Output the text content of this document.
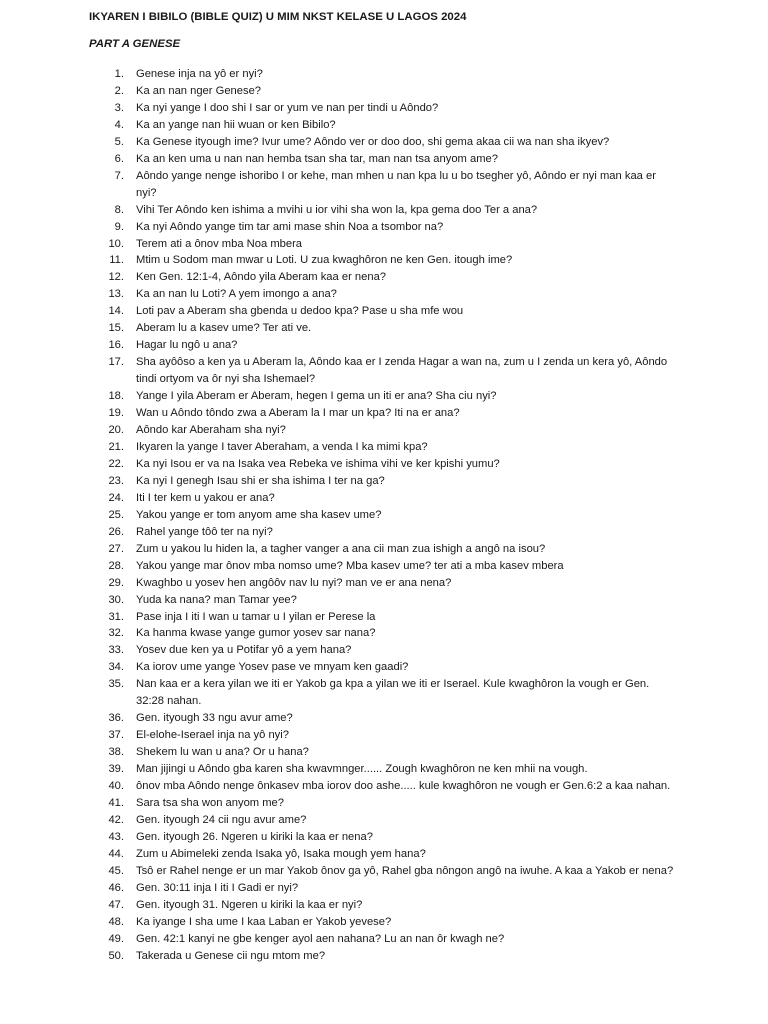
IKYAREN I BIBILO (BIBLE QUIZ) U MIM NKST KELASE U LAGOS 2024
PART A GENESE
1. Genese inja na yô er nyi?
2. Ka an nan nger Genese?
3. Ka nyi yange I doo shi I sar or yum ve nan per tindi u Aôndo?
4. Ka an yange nan hii wuan or ken Bibilo?
5. Ka Genese ityough ime? Ivur ume? Aôndo ver or doo doo, shi gema akaa cii wa nan sha ikyev?
6. Ka an ken uma u nan nan hemba tsan sha tar, man nan tsa anyom ame?
7. Aôndo yange nenge ishoribo I or kehe, man mhen u nan kpa lu u bo tsegher yô, Aôndo er nyi man kaa er nyi?
8. Vihi Ter Aôndo ken ishima a mvihi u ior vihi sha won la, kpa gema doo Ter a ana?
9. Ka nyi Aôndo yange tim tar ami mase shin Noa a tsombor na?
10. Terem ati a ônov mba Noa mbera
11. Mtim u Sodom man mwar u Loti. U zua kwaghôron ne ken Gen. itough ime?
12. Ken Gen. 12:1-4, Aôndo yila Aberam kaa er nena?
13. Ka an nan lu Loti? A yem imongo a ana?
14. Loti pav a Aberam sha gbenda u dedoo kpa? Pase u sha mfe wou
15. Aberam lu a kasev ume? Ter ati ve.
16. Hagar lu ngô u ana?
17. Sha ayôôso a ken ya u Aberam la, Aôndo kaa er I zenda Hagar a wan na, zum u I zenda un kera yô, Aôndo tindi ortyom va ôr nyi sha Ishemael?
18. Yange I yila Aberam er Aberam, hegen I gema un iti er ana? Sha ciu nyi?
19. Wan u Aôndo tôndo zwa a Aberam la I mar un kpa? Iti na er ana?
20. Aôndo kar Aberaham sha nyi?
21. Ikyaren la yange I taver Aberaham, a venda I ka mimi kpa?
22. Ka nyi Isou er va na Isaka vea Rebeka ve ishima vihi ve ker kpishi yumu?
23. Ka nyi I genegh Isau shi er sha ishima I ter na ga?
24. Iti I ter kem u yakou er ana?
25. Yakou yange er tom anyom ame sha kasev ume?
26. Rahel yange tôô ter na nyi?
27. Zum u yakou lu hiden la, a tagher vanger a ana cii man zua ishigh a angô na isou?
28. Yakou yange mar ônov mba nomso ume? Mba kasev ume? ter ati a mba kasev mbera
29. Kwaghbo u yosev hen angôôv nav lu nyi? man ve er ana nena?
30. Yuda ka nana? man Tamar yee?
31. Pase inja I iti I wan u tamar u I yilan er Perese la
32. Ka hanma kwase yange gumor yosev sar nana?
33. Yosev due ken ya u Potifar yô a yem hana?
34. Ka iorov ume yange Yosev pase ve mnyam ken gaadi?
35. Nan kaa er a kera yilan we iti er Yakob ga kpa a yilan we iti er Iserael. Kule kwaghôron la vough er Gen. 32:28 nahan.
36. Gen. ityough 33 ngu avur ame?
37. El-elohe-Iserael inja na yô nyi?
38. Shekem lu wan u ana? Or u hana?
39. Man jijingi u Aôndo gba karen sha kwavmnger...... Zough kwaghôron ne ken mhii na vough.
40. ônov mba Aôndo nenge ônkasev mba iorov doo ashe..... kule kwaghôron ne vough er Gen.6:2 a kaa nahan.
41. Sara tsa sha won anyom me?
42. Gen. ityough 24 cii ngu avur ame?
43. Gen. ityough 26. Ngeren u kiriki la kaa er nena?
44. Zum u Abimeleki zenda Isaka yô, Isaka mough yem hana?
45. Tsô er Rahel nenge er un mar Yakob ônov ga yô, Rahel gba nôngon angô na iwuhe. A kaa a Yakob er nena?
46. Gen. 30:11 inja I iti I Gadi er nyi?
47. Gen. ityough 31. Ngeren u kiriki la kaa er nyi?
48. Ka iyange I sha ume I kaa Laban er Yakob yevese?
49. Gen. 42:1 kanyi ne gbe kenger ayol aen nahana? Lu an nan ôr kwagh ne?
50. Takerada u Genese cii ngu mtom me?
